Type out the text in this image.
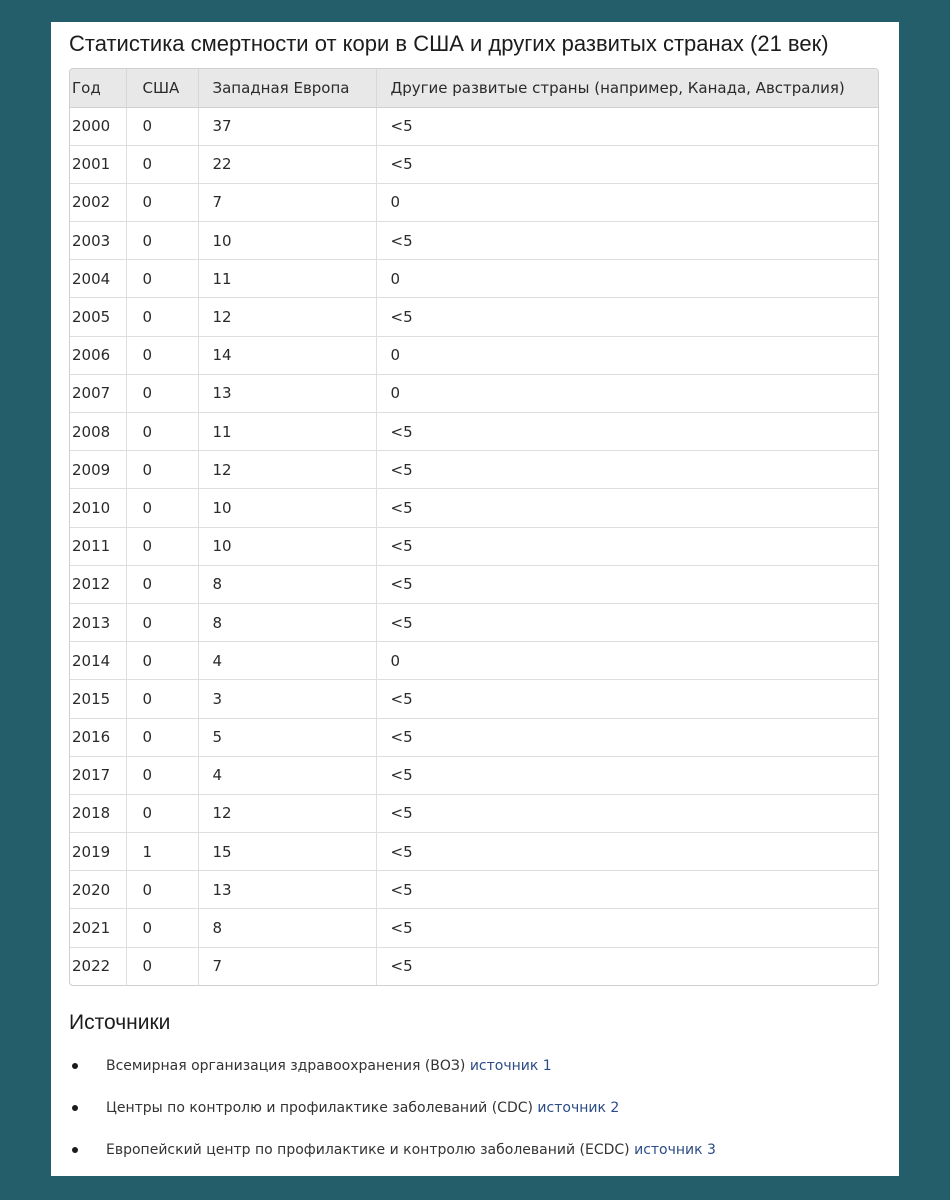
Статистика смертности от кори в США и других развитых странах (21 век)
Год	США	Западная Европа	Другие развитые страны (например, Канада, Австралия)
2000	0	37	<5
2001	0	22	<5
2002	0	7	0
2003	0	10	<5
2004	0	11	0
2005	0	12	<5
2006	0	14	0
2007	0	13	0
2008	0	11	<5
2009	0	12	<5
2010	0	10	<5
2011	0	10	<5
2012	0	8	<5
2013	0	8	<5
2014	0	4	0
2015	0	3	<5
2016	0	5	<5
2017	0	4	<5
2018	0	12	<5
2019	1	15	<5
2020	0	13	<5
2021	0	8	<5
2022	0	7	<5
Источники
Всемирная организация здравоохранения (ВОЗ) источник 1
Центры по контролю и профилактике заболеваний (CDC) источник 2
Европейский центр по профилактике и контролю заболеваний (ECDC) источник 3
